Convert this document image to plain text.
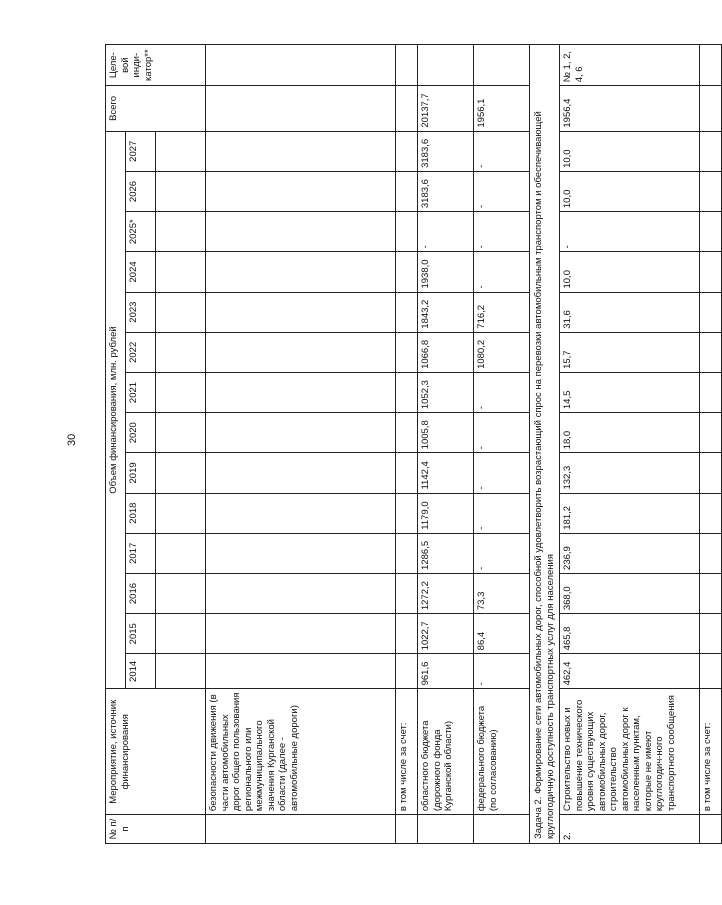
30
№ п/п	Мероприятие, источник финансирования	Объем финансирования, млн. рублей														Всего	Целе-вой инди-катор**
		2014	2015	2016	2017	2018	2019	2020	2021	2022	2023	2024	2025*	2026	2027		

	безопасности движения (в части автомобильных дорог общего пользования регионального или межмуниципального значения Курганской области (далее - автомобильные дороги)																
	в том числе за счет:																
	областного бюджета (дорожного фонда Курганской области)	961,6	1022,7	1272,2	1286,5	1179,0	1142,4	1005,8	1052,3	1066,8	1843,2	1938,0	-	3183,6	3183,6	20137,7	
	федерального бюджета (по согласованию)	-	86,4	73,3	-	-	-	-	-	1080,2	716,2	-	-	-	-	1956,1	
Задача 2. Формирование сети автомобильных дорог, способной удовлетворить возрастающий спрос на перевозки автомобильным транспортом и обеспечивающей круглогодичную доступность транспортных услуг для населения																	
2.	Строительство новых и повышение технического уровня существующих автомобильных дорог, строительство автомобильных дорог к населенным пунктам, которые не имеют круглогодич-ного транспортного сообщения	462,4	465,8	368,0	236,9	181,2	132,3	18,0	14,5	15,7	31,6	10,0	-	10,0	10,0	1956,4	№ 1, 2, 4, 6
	в том числе за счет:																
